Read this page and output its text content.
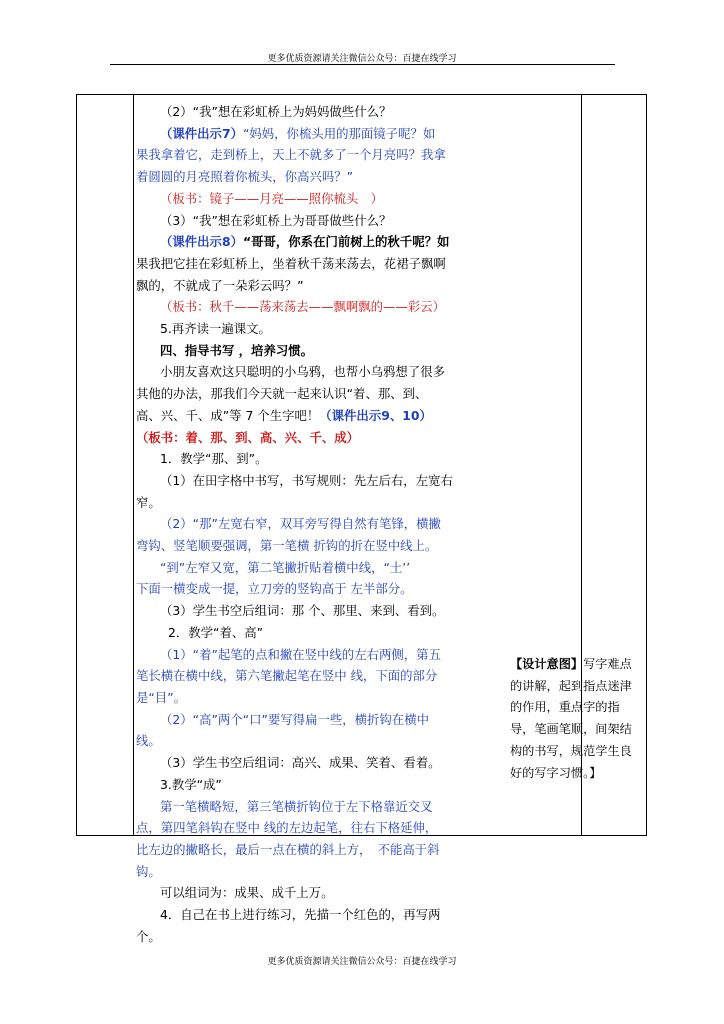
更多优质资源请关注微信公众号：百捷在线学习
（2）“我”想在彩虹桥上为妈妈做些什么？
（课件出示7）“妈妈，你梳头用的那面镜子呢？如
果我拿着它，走到桥上，天上不就多了一个月亮吗？我拿
着圆圆的月亮照着你梳头，你高兴吗？”
（板书：镜子——月亮——照你梳头　）
（3）“我”想在彩虹桥上为哥哥做些什么？
（课件出示8）“哥哥，你系在门前树上的秋千呢？如
果我把它挂在彩虹桥上，坐着秋千荡来荡去，花裙子飘啊
飘的，不就成了一朵彩云吗？”
（板书：秋千——荡来荡去——飘啊飘的——彩云）
5.再齐读一遍课文。
四、指导书写 ，培养习惯。
小朋友喜欢这只聪明的小乌鸦，也帮小乌鸦想了很多
其他的办法，那我们今天就一起来认识“着、那、到、
高、兴、千、成”等 7 个生字吧！（课件出示9、10）
（板书：着、那、到、高、兴、千、成）
1．教学“那、到”。
（1）在田字格中书写，书写规则：先左后右，左宽右
窄。
（2）“那”左宽右窄，双耳旁写得自然有笔锋，横撇
弯钩、竖笔顺要强调，第一笔横 折钩的折在竖中线上。
“到”左窄又宽，第二笔撇折贴着横中线，“土’’
下面一横变成一提，立刀旁的竖钩高于 左半部分。
（3）学生书空后组词：那 个、那里、来到、看到。
2．教学“着、高”
（1）“着”起笔的点和撇在竖中线的左右两侧，第五
笔长横在横中线，第六笔撇起笔在竖中 线，下面的部分
是“目”。
（2）“高”两个“口”要写得扁一些，横折钩在横中
线。
（3）学生书空后组词：高兴、成果、笑着、看着。
3.教学“成”
第一笔横略短，第三笔横折钩位于左下格靠近交叉
点，第四笔斜钩在竖中 线的左边起笔，往右下格延伸，
比左边的撇略长，最后一点在横的斜上方，　不能高于斜
钩。
可以组词为：成果、成千上万。
4．自己在书上进行练习，先描一个红色的，再写两
个。
【设计意图】写字难点
的讲解，起到指点迷津
的作用，重点字的指
导，笔画笔顺，间架结
构的书写，规范学生良
好的写字习惯。】
更多优质资源请关注微信公众号：百捷在线学习
